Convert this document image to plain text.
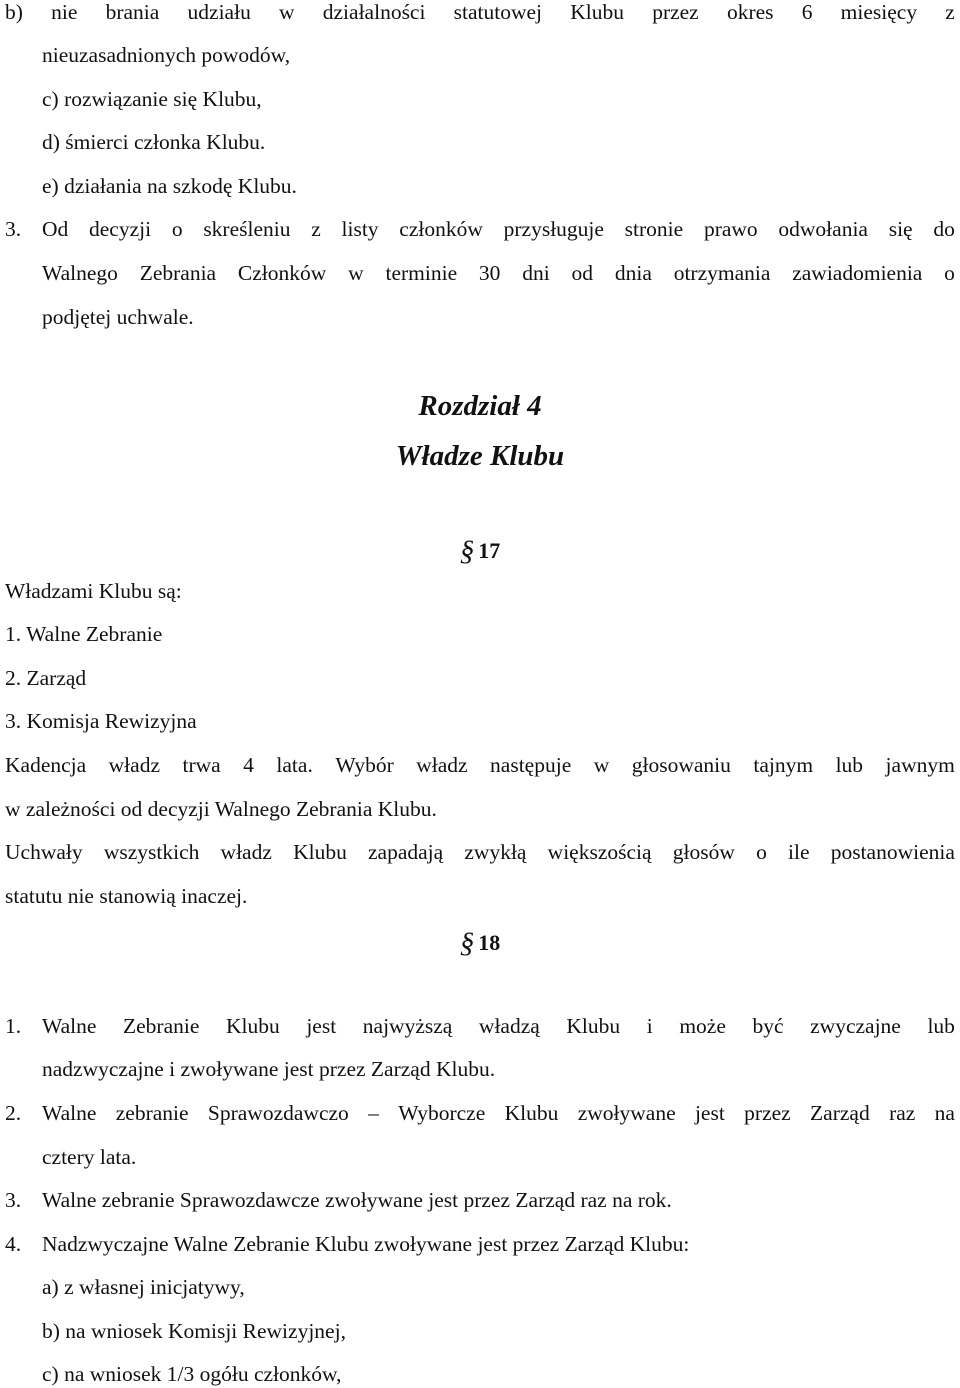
b) nie brania udziału w działalności statutowej Klubu przez okres 6 miesięcy z
nieuzasadnionych powodów,
c) rozwiązanie się Klubu,
d) śmierci członka Klubu.
e) działania na szkodę Klubu.
3. Od decyzji o skreśleniu z listy członków przysługuje stronie prawo odwołania się do
Walnego Zebrania Członków w terminie 30 dni od dnia otrzymania zawiadomienia o
podjętej uchwale.
Rozdział 4
Władze Klubu
§ 17
Władzami Klubu są:
1. Walne Zebranie
2. Zarząd
3. Komisja Rewizyjna
Kadencja władz trwa 4 lata. Wybór władz następuje w głosowaniu tajnym lub jawnym
w zależności od decyzji Walnego Zebrania Klubu.
Uchwały wszystkich władz Klubu zapadają zwykłą większością głosów o ile postanowienia
statutu nie stanowią inaczej.
§ 18
1. Walne Zebranie Klubu jest najwyższą władzą Klubu i może być zwyczajne lub
nadzwyczajne i zwoływane jest przez Zarząd Klubu.
2. Walne zebranie Sprawozdawczo – Wyborcze Klubu zwoływane jest przez Zarząd raz na
cztery lata.
3. Walne zebranie Sprawozdawcze zwoływane jest przez Zarząd raz na rok.
4. Nadzwyczajne Walne Zebranie Klubu zwoływane jest przez Zarząd Klubu:
a) z własnej inicjatywy,
b) na wniosek Komisji Rewizyjnej,
c) na wniosek 1/3 ogółu członków,
